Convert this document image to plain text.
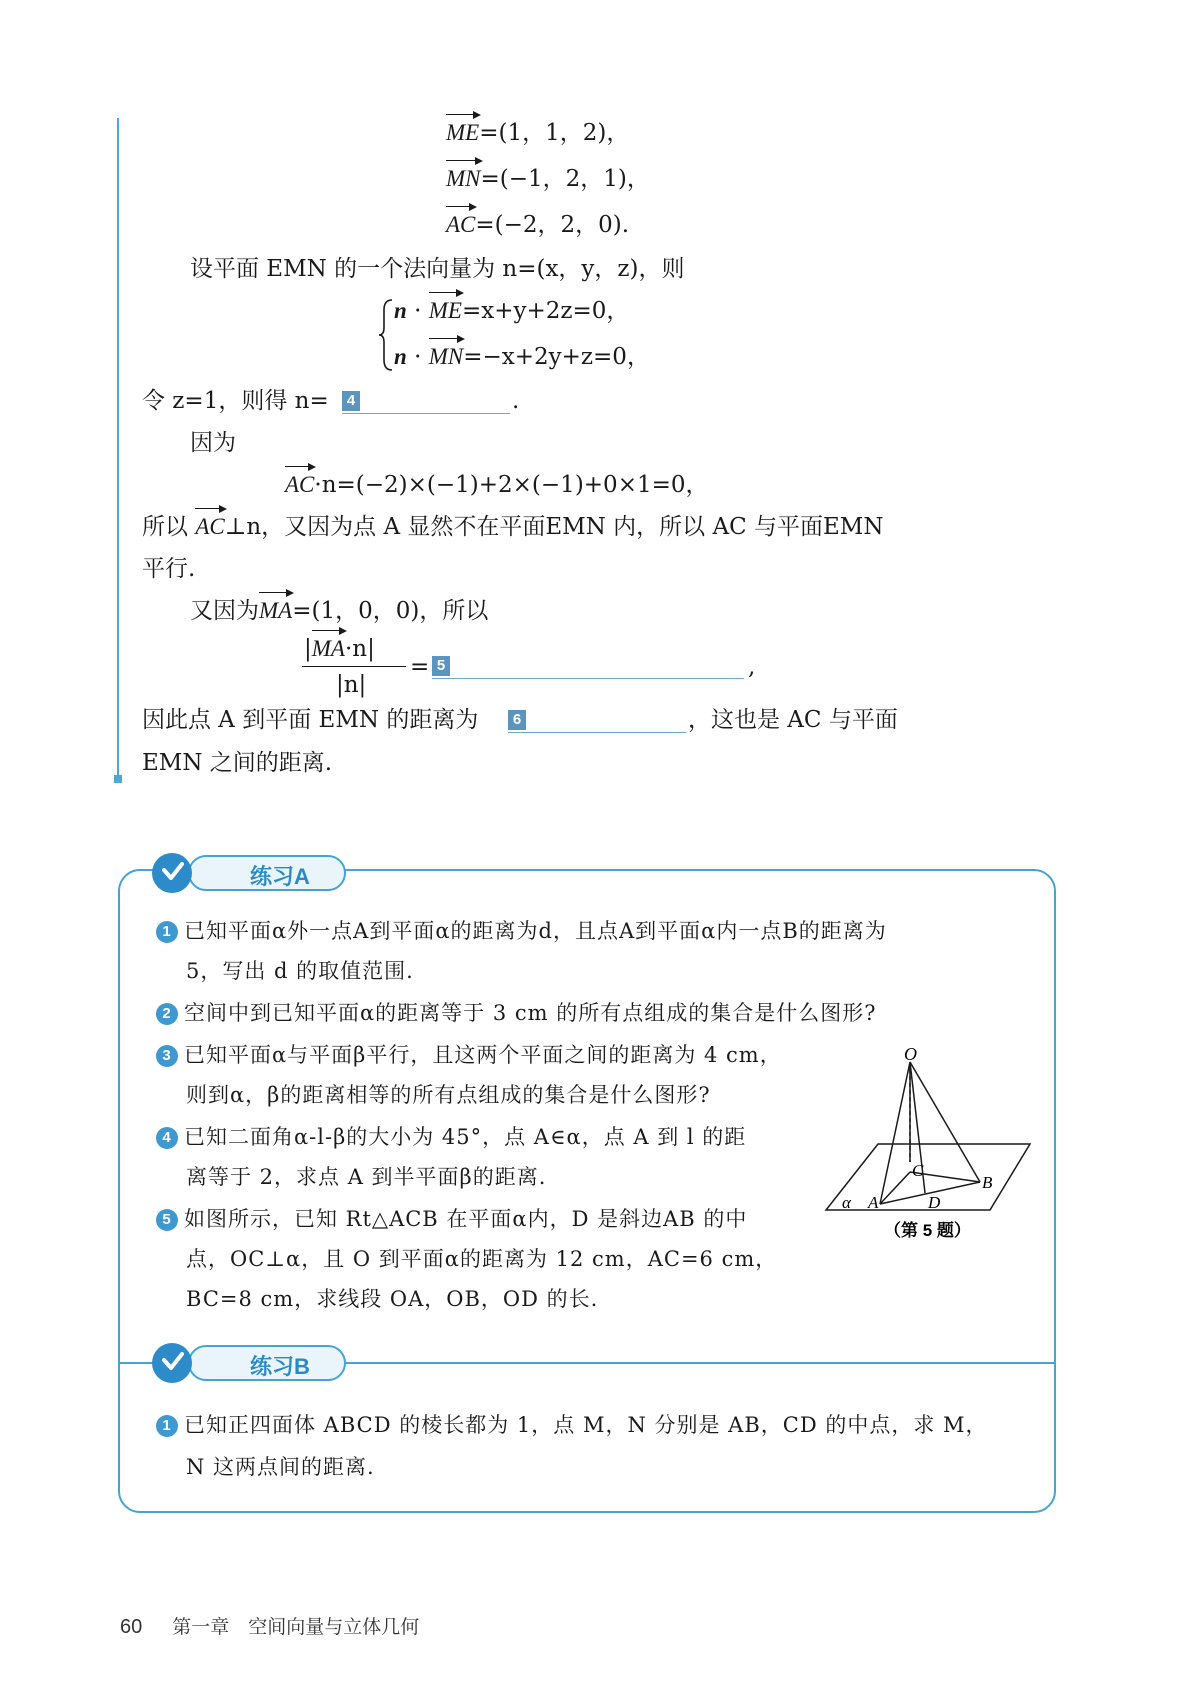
ME=(1，1，2)，
MN=(−1，2，1)，
AC=(−2，2，0).
设平面 EMN 的一个法向量为 n=(x，y，z)，则
n ·
ME=x+y+2z=0，
n ·
MN=−x+2y+z=0，
令 z=1，则得 n=	4	.
因为
AC·n=(−2)×(−1)+2×(−1)+0×1=0，
所以 AC⊥n，又因为点 A 显然不在平面EMN 内，所以 AC 与平面EMN
平行.
又因为
MA=(1，0，0)，所以
|
MA·n|
|n|
= 5	,
因此点 A 到平面 EMN 的距离为	6	，这也是 AC 与平面
EMN 之间的距离.
练习A
1 已知平面α外一点A到平面α的距离为d，且点A到平面α内一点B的距离为
5，写出 d 的取值范围.
2 空间中到已知平面α的距离等于 3 cm 的所有点组成的集合是什么图形?
3 已知平面α与平面β平行，且这两个平面之间的距离为 4 cm，
则到α，β的距离相等的所有点组成的集合是什么图形?
4 已知二面角α-l-β的大小为 45°，点 A∈α，点 A 到 l 的距
离等于 2，求点 A 到半平面β的距离.
5 如图所示，已知 Rt△ACB 在平面α内，D 是斜边AB 的中
点，OC⊥α，且 O 到平面α的距离为 12 cm，AC=6 cm，
BC=8 cm，求线段 OA，OB，OD 的长.
O
A
B
C
D
α
（第 5 题）
练习B
1 已知正四面体 ABCD 的棱长都为 1，点 M，N 分别是 AB，CD 的中点，求 M，
N 这两点间的距离.
60 第一章　空间向量与立体几何
